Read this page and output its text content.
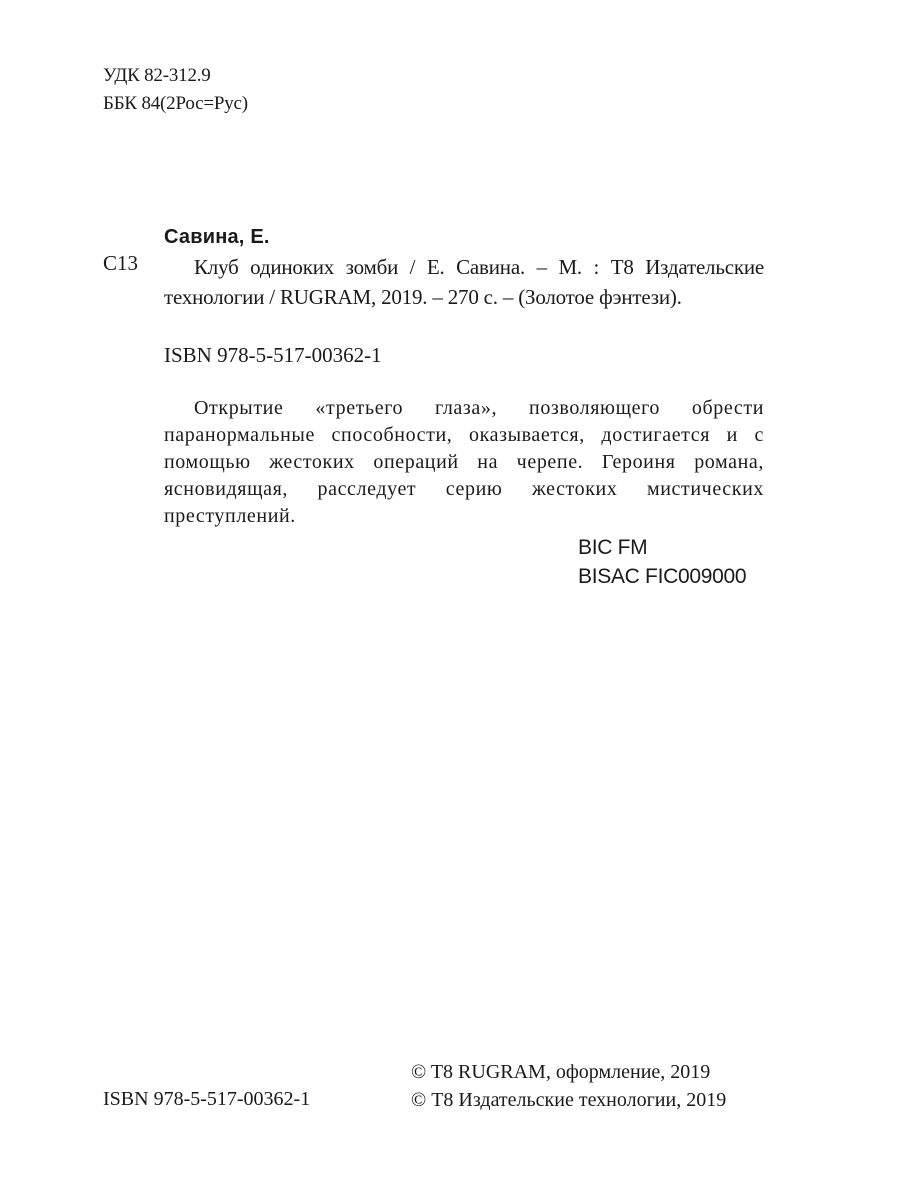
УДК 82-312.9
ББК 84(2Рос=Рус)
С13
Савина, Е.
Клуб одиноких зомби / Е. Савина. – М. : Т8 Издательские технологии / RUGRAM, 2019. – 270 с. – (Золотое фэнтези).
ISBN 978-5-517-00362-1
Открытие «третьего глаза», позволяющего обрести паранормальные способности, оказывается, достигается и с помощью жестоких операций на черепе. Героиня романа, ясновидящая, расследует серию жестоких мистических преступлений.
BIC FM
BISAC FIC009000
ISBN 978-5-517-00362-1
© T8 RUGRAM, оформление, 2019
© Т8 Издательские технологии, 2019
